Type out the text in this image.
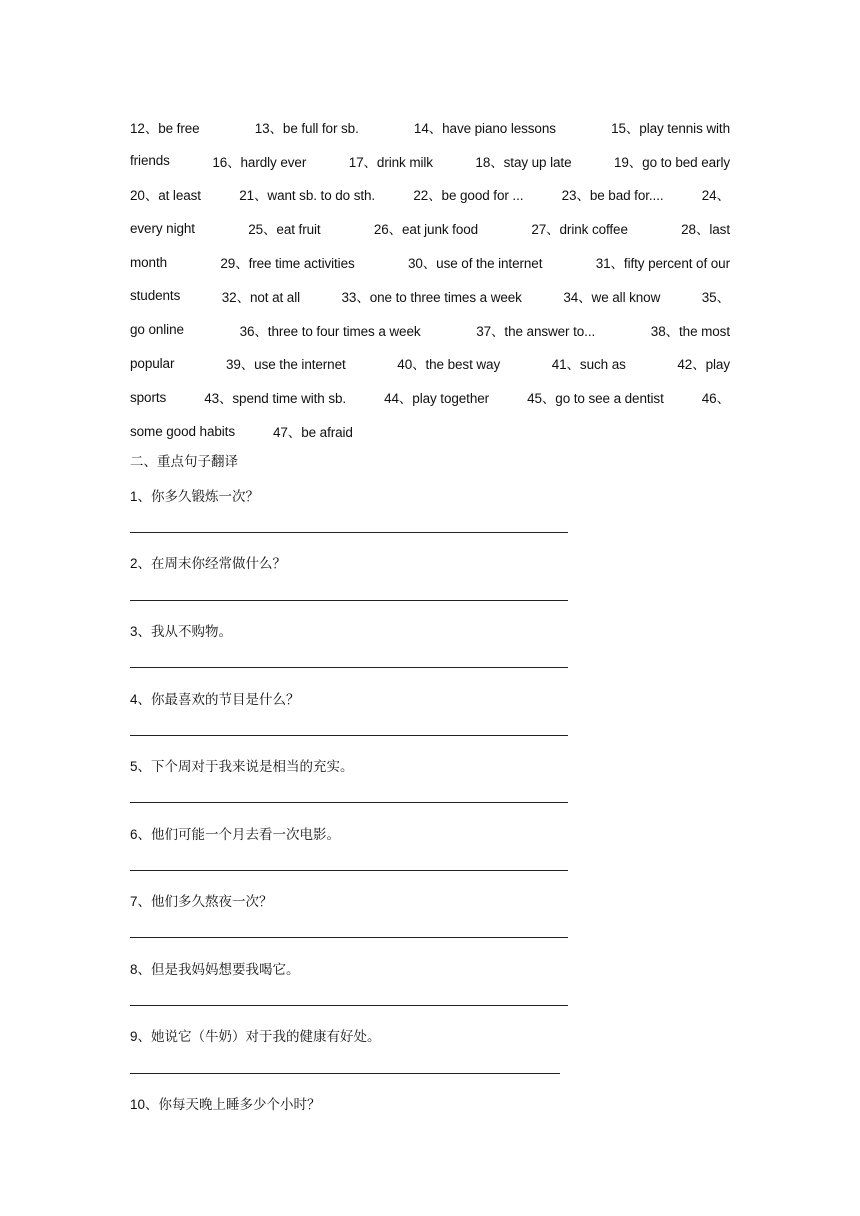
12、be free	13、be full for sb.	14、have piano lessons	15、play tennis with
friends	16、hardly ever	17、drink milk	18、stay up late	19、go to bed early
20、at least	21、want sb. to do sth.	22、be good for ...	23、be bad for....	24、
every night	25、eat fruit	26、eat junk food	27、drink coffee	28、last
month	29、free time activities	30、use of the internet	31、fifty percent of our
students	32、not at all	33、one to three times a week	34、we all know	35、
go online	36、three to four times a week	37、the answer to...	38、the most
popular	39、use the internet	40、the best way	41、such as	42、play
sports	43、spend time with sb.	44、play together	45、go to see a dentist	46、
some good habits	47、be afraid
二、重点句子翻译
1、你多久锻炼一次？
2、在周末你经常做什么？
3、我从不购物。
4、你最喜欢的节目是什么？
5、下个周对于我来说是相当的充实。
6、他们可能一个月去看一次电影。
7、他们多久熬夜一次？
8、但是我妈妈想要我喝它。
9、她说它（牛奶）对于我的健康有好处。
10、你每天晚上睡多少个小时？
